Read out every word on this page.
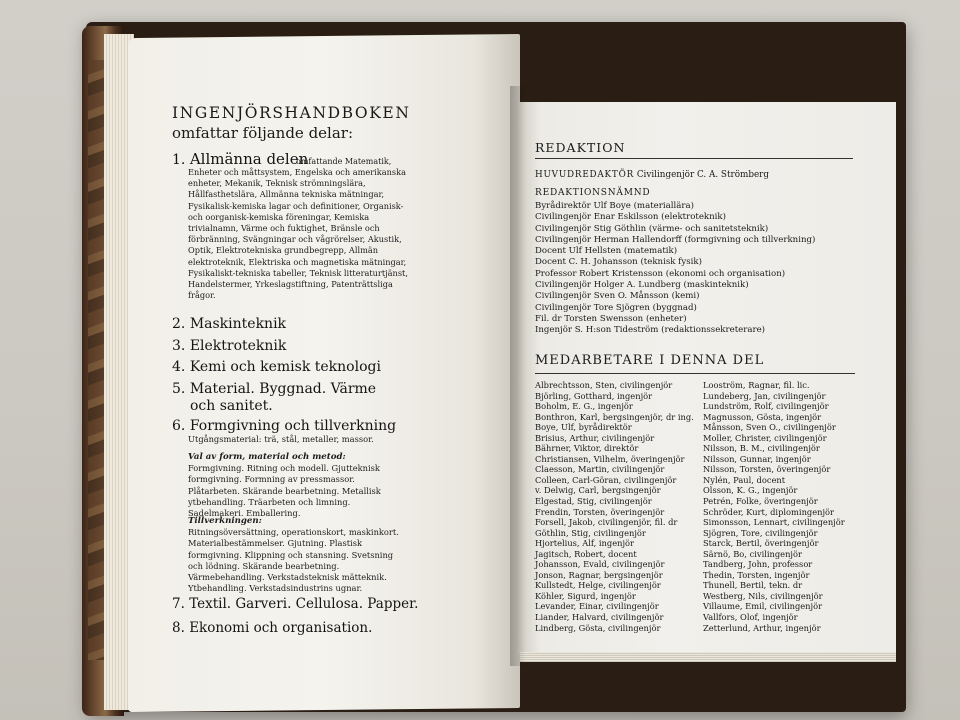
INGENJÖRSHANDBOKEN
omfattar följande delar:
1. Allmänna delen
omfattande Matematik,
Enheter och måttsystem, Engelska och amerikanska enheter, Mekanik, Teknisk strömningslära, Hållfasthetslära, Allmänna tekniska mätningar, Fysikalisk-kemiska lagar och definitioner, Organisk- och oorganisk-kemiska föreningar, Kemiska trivialnamn, Värme och fuktighet, Bränsle och förbränning, Svängningar och vågrörelser, Akustik, Optik, Elektrotekniska grundbegrepp, Allmän elektroteknik, Elektriska och magnetiska mätningar, Fysikaliskt-tekniska tabeller, Teknisk litteraturtjänst, Handelstermer, Yrkeslagstiftning, Patenträttsliga frågor.
2. Maskinteknik
3. Elektroteknik
4. Kemi och kemisk teknologi
5. Material. Byggnad. Värme
och sanitet.
6. Formgivning och tillverkning
Utgångsmaterial: trä, stål, metaller, massor.
Val av form, material och metod:
Formgivning. Ritning och modell. Gjutteknisk formgivning. Formning av pressmassor. Plåtarbeten. Skärande bearbetning. Metallisk ytbehandling. Träarbeten och limning. Sadelmakeri. Emballering.
Tillverkningen:
Ritningsöversättning, operationskort, maskinkort. Materialbestämmelser. Gjutning. Plastisk formgivning. Klippning och stansning. Svetsning och lödning. Skärande bearbetning. Värmebehandling. Verkstadsteknisk mätteknik. Ytbehandling. Verkstadsindustrins ugnar.
7. Textil. Garveri. Cellulosa. Papper.
8. Ekonomi och organisation.
REDAKTION
HUVUDREDAKTÖR Civilingenjör C. A. Strömberg
REDAKTIONSNÄMND
Byrådirektör Ulf Boye (materiallära)
Civilingenjör Enar Eskilsson (elektroteknik)
Civilingenjör Stig Göthlin (värme- och sanitetsteknik)
Civilingenjör Herman Hallendorff (formgivning och tillverkning)
Docent Ulf Hellsten (matematik)
Docent C. H. Johansson (teknisk fysik)
Professor Robert Kristensson (ekonomi och organisation)
Civilingenjör Holger A. Lundberg (maskinteknik)
Civilingenjör Sven O. Månsson (kemi)
Civilingenjör Tore Sjögren (byggnad)
Fil. dr Torsten Swensson (enheter)
Ingenjör S. H:son Tideström (redaktionssekreterare)
MEDARBETARE I DENNA DEL
Albrechtsson, Sten, civilingenjör
Björling, Gotthard, ingenjör
Boholm, E. G., ingenjör
Bonthron, Karl, bergsingenjör, dr ing.
Boye, Ulf, byrådirektör
Brisius, Arthur, civilingenjör
Bährner, Viktor, direktör
Christiansen, Vilhelm, överingenjör
Claesson, Martin, civilingenjör
Colleen, Carl-Göran, civilingenjör
v. Delwig, Carl, bergsingenjör
Elgestad, Stig, civilingenjör
Frendin, Torsten, överingenjör
Forsell, Jakob, civilingenjör, fil. dr
Göthlin, Stig, civilingenjör
Hjortelius, Alf, ingenjör
Jagitsch, Robert, docent
Johansson, Evald, civilingenjör
Jonson, Ragnar, bergsingenjör
Kullstedt, Helge, civilingenjör
Köhler, Sigurd, ingenjör
Levander, Einar, civilingenjör
Liander, Halvard, civilingenjör
Lindberg, Gösta, civilingenjör
Looström, Ragnar, fil. lic.
Lundeberg, Jan, civilingenjör
Lundström, Rolf, civilingenjör
Magnusson, Gösta, ingenjör
Månsson, Sven O., civilingenjör
Moller, Christer, civilingenjör
Nilsson, B. M., civilingenjör
Nilsson, Gunnar, ingenjör
Nilsson, Torsten, överingenjör
Nylén, Paul, docent
Olsson, K. G., ingenjör
Petrén, Folke, överingenjör
Schröder, Kurt, diplomingenjör
Simonsson, Lennart, civilingenjör
Sjögren, Tore, civilingenjör
Starck, Bertil, överingenjör
Särnö, Bo, civilingenjör
Tandberg, John, professor
Thedin, Torsten, ingenjör
Thunell, Bertil, tekn. dr
Westberg, Nils, civilingenjör
Villaume, Emil, civilingenjör
Vallfors, Olof, ingenjör
Zetterlund, Arthur, ingenjör
